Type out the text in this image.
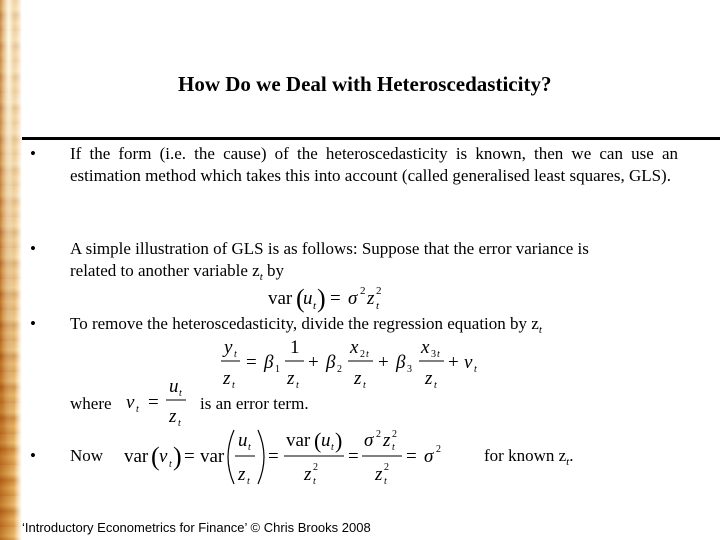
How Do we Deal with Heteroscedasticity?
• If the form (i.e. the cause) of the heteroscedasticity is known, then we can use an estimation method which takes this into account (called generalised least squares, GLS).
• A simple illustration of GLS is as follows: Suppose that the error variance is
related to another variable $z_t$ by
var (
u t ) = σ 2 z 2
t
• To remove the heteroscedasticity, divide the regression equation by $z_t$
y t
z t
= β 1
1
z t
+ β 2
x 2 t
z t
+ β 3
x 3 t
z t
+ v t
where v t =
u t
z t
is an error term.
• Now var ( v t ) = var
u t
z t
=
var ( u t )
z 2
t
=
σ 2 z 2
t
z 2
t
= σ 2	for known $z_t$.
‘Introductory Econometrics for Finance’ © Chris Brooks 2008
